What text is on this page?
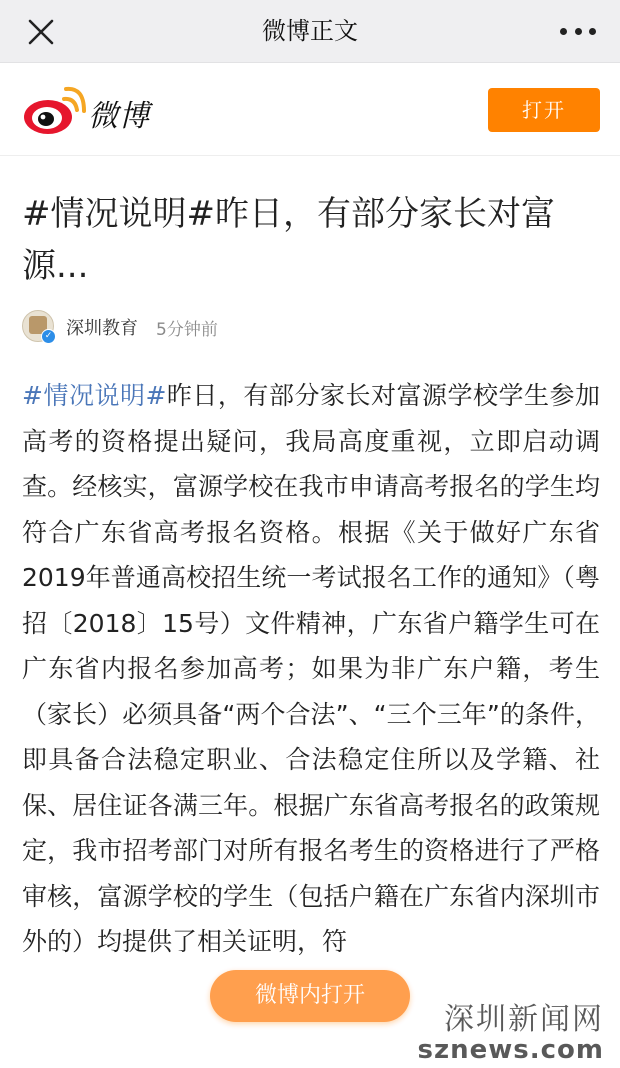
微博正文
微博	打开
#情况说明#昨日，有部分家长对富源...
✓ 深圳教育 5分钟前
#情况说明#昨日，有部分家长对富源学校学生参加高考的资格提出疑问，我局高度重视，立即启动调查。经核实，富源学校在我市申请高考报名的学生均符合广东省高考报名资格。根据《关于做好广东省2019年普通高校招生统一考试报名工作的通知》（粤招〔2018〕15号）文件精神，广东省户籍学生可在广东省内报名参加高考；如果为非广东户籍，考生（家长）必须具备“两个合法”、“三个三年”的条件，即具备合法稳定职业、合法稳定住所以及学籍、社保、居住证各满三年。根据广东省高考报名的政策规定，我市招考部门对所有报名考生的资格进行了严格审核，富源学校的学生（包括户籍在广东省内深圳市外的）均提供了相关证明，符
微博内打开
深圳新闻网
sznews.com
